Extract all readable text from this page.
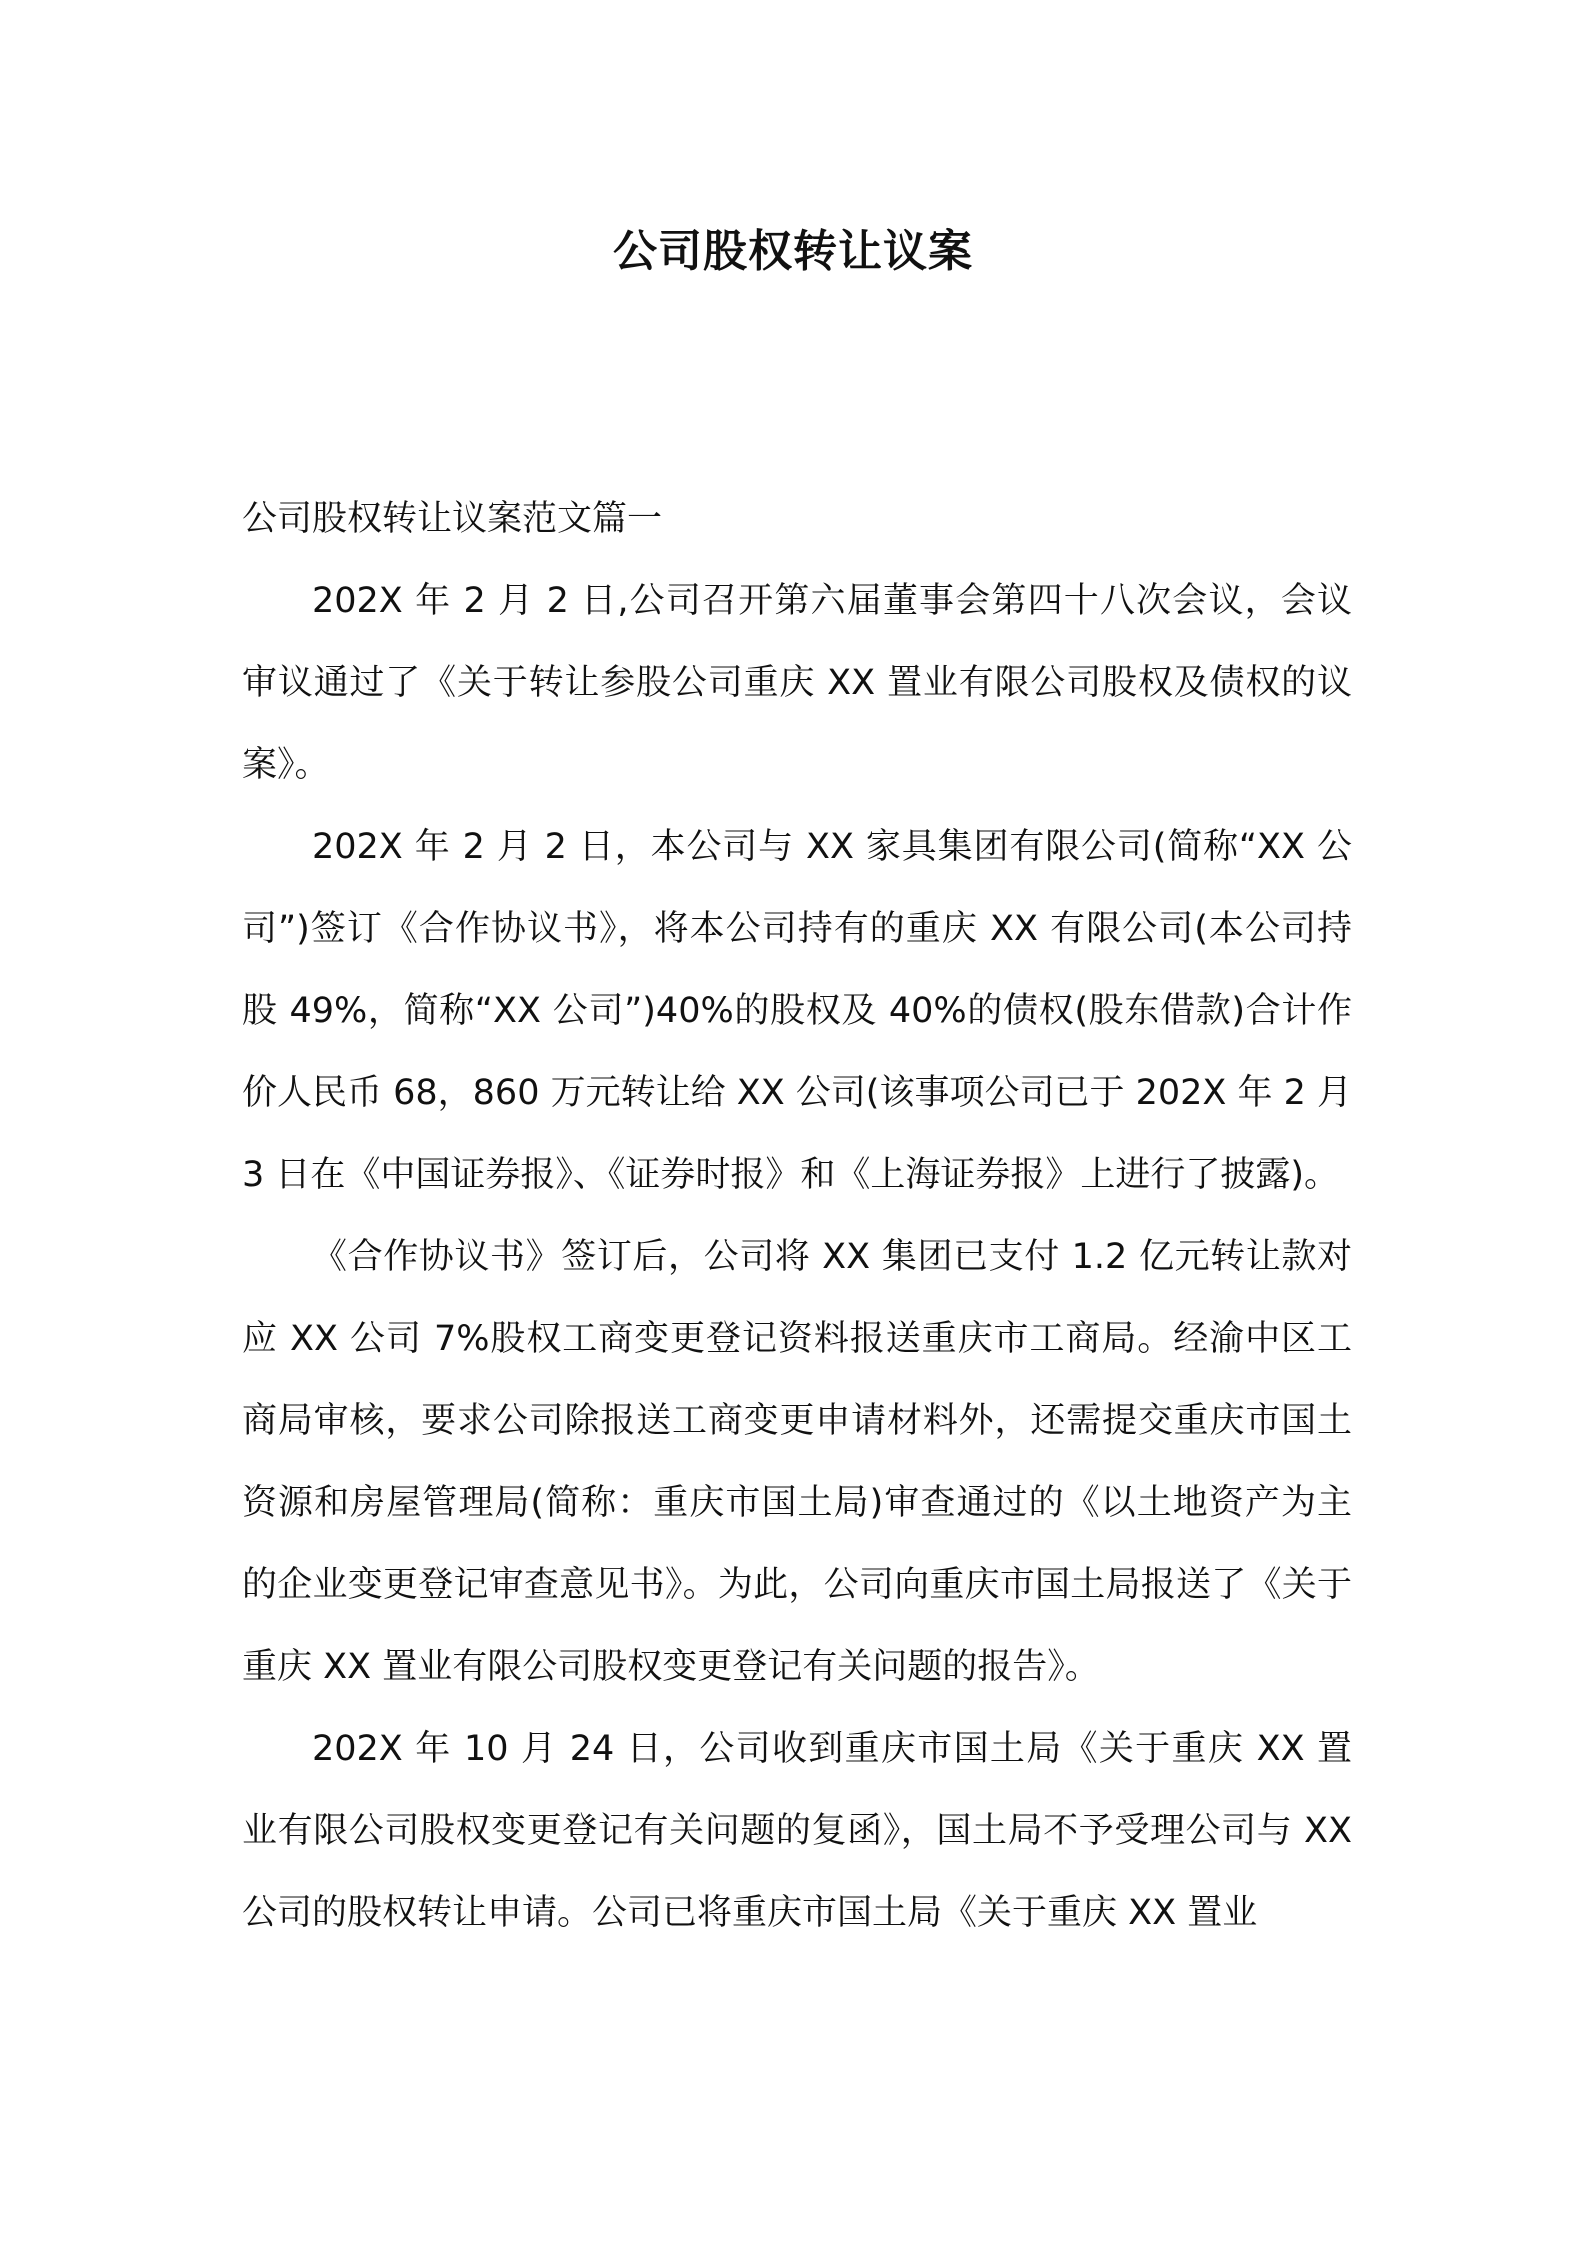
公司股权转让议案

公司股权转让议案范文篇一

202X 年 2 月 2 日,公司召开第六届董事会第四十八次会议，会议审议通过了《关于转让参股公司重庆 XX 置业有限公司股权及债权的议案》。

202X 年 2 月 2 日，本公司与 XX 家具集团有限公司(简称“XX 公司”)签订《合作协议书》，将本公司持有的重庆 XX 有限公司(本公司持股 49%，简称“XX 公司”)40%的股权及 40%的债权(股东借款)合计作价人民币 68，860 万元转让给 XX 公司(该事项公司已于 202X 年 2 月 3 日在《中国证券报》、《证券时报》和《上海证券报》上进行了披露)。

《合作协议书》签订后，公司将 XX 集团已支付 1.2 亿元转让款对应 XX 公司 7%股权工商变更登记资料报送重庆市工商局。经渝中区工商局审核，要求公司除报送工商变更申请材料外，还需提交重庆市国土资源和房屋管理局(简称：重庆市国土局)审查通过的《以土地资产为主的企业变更登记审查意见书》。为此，公司向重庆市国土局报送了《关于重庆 XX 置业有限公司股权变更登记有关问题的报告》。

202X 年 10 月 24 日，公司收到重庆市国土局《关于重庆 XX 置业有限公司股权变更登记有关问题的复函》，国土局不予受理公司与 XX 公司的股权转让申请。公司已将重庆市国土局《关于重庆 XX 置业
